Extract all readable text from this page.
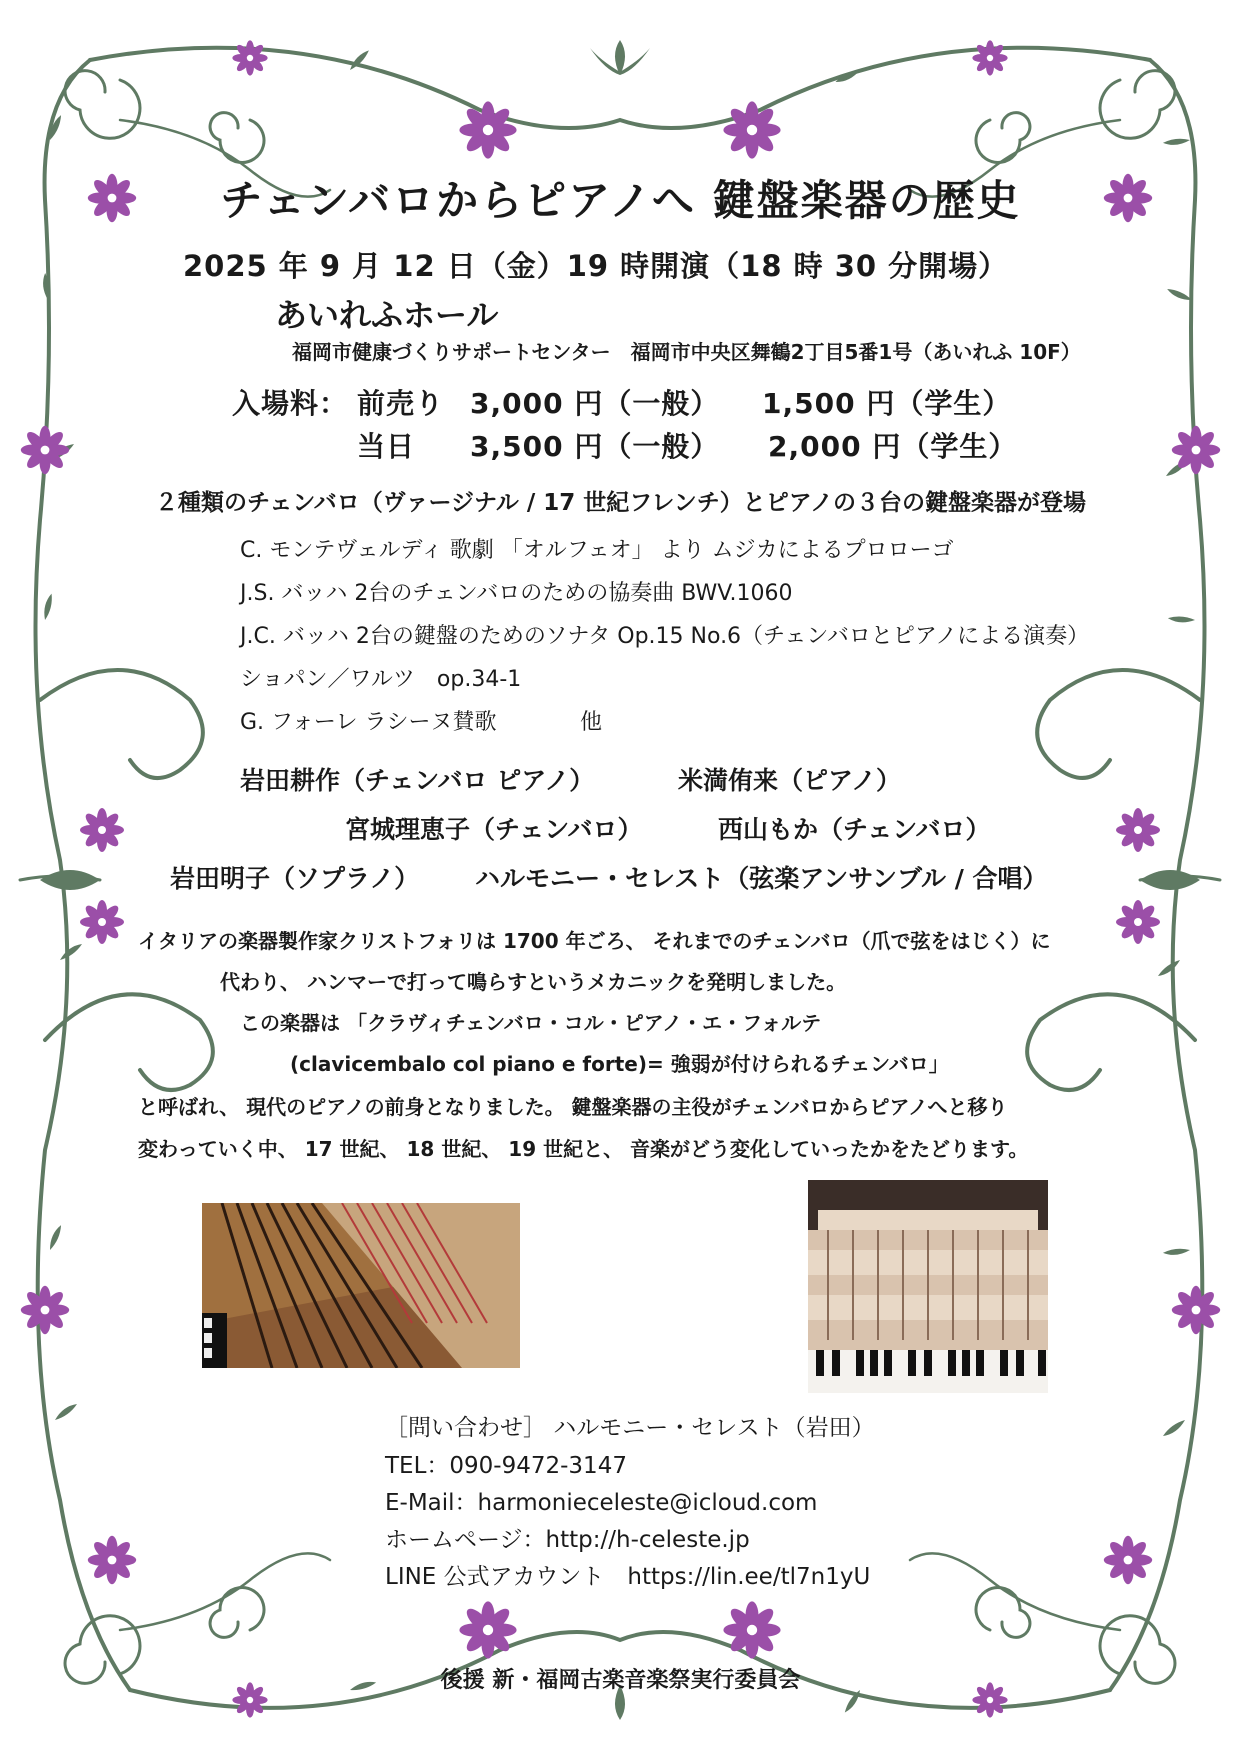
チェンバロからピアノへ 鍵盤楽器の歴史
2025 年 9 月 12 日（金）19 時開演（18 時 30 分開場）
あいれふホール
福岡市健康づくりサポートセンター　福岡市中央区舞鶴2丁目5番1号（あいれふ 10F）
入場料： 前売り 3,000 円（一般） 1,500 円（学生）
当日 3,500 円（一般） 2,000 円（学生）
２種類のチェンバロ（ヴァージナル / 17 世紀フレンチ）とピアノの３台の鍵盤楽器が登場
C. モンテヴェルディ 歌劇 「オルフェオ」 より ムジカによるプロローゴ
J.S. バッハ 2台のチェンバロのための協奏曲 BWV.1060
J.C. バッハ 2台の鍵盤のためのソナタ Op.15 No.6（チェンバロとピアノによる演奏）
ショパン／ワルツ　op.34-1
G. フォーレ ラシーヌ賛歌	他
岩田耕作（チェンバロ ピアノ）	米満侑来（ピアノ）
宮城理恵子（チェンバロ）	西山もか（チェンバロ）
岩田明子（ソプラノ） ハルモニー・セレスト（弦楽アンサンブル / 合唱）
イタリアの楽器製作家クリストフォリは 1700 年ごろ、 それまでのチェンバロ（爪で弦をはじく）に
代わり、 ハンマーで打って鳴らすというメカニックを発明しました。
この楽器は 「クラヴィチェンバロ・コル・ピアノ・エ・フォルテ
(clavicembalo col piano e forte)= 強弱が付けられるチェンバロ」
と呼ばれ、 現代のピアノの前身となりました。 鍵盤楽器の主役がチェンバロからピアノへと移り
変わっていく中、 17 世紀、 18 世紀、 19 世紀と、 音楽がどう変化していったかをたどります。
［問い合わせ］ ハルモニー・セレスト（岩田）
TEL：090-9472-3147
E-Mail：harmonieceleste@icloud.com
ホームページ：http://h-celeste.jp
LINE 公式アカウント　https://lin.ee/tl7n1yU
後援 新・福岡古楽音楽祭実行委員会
